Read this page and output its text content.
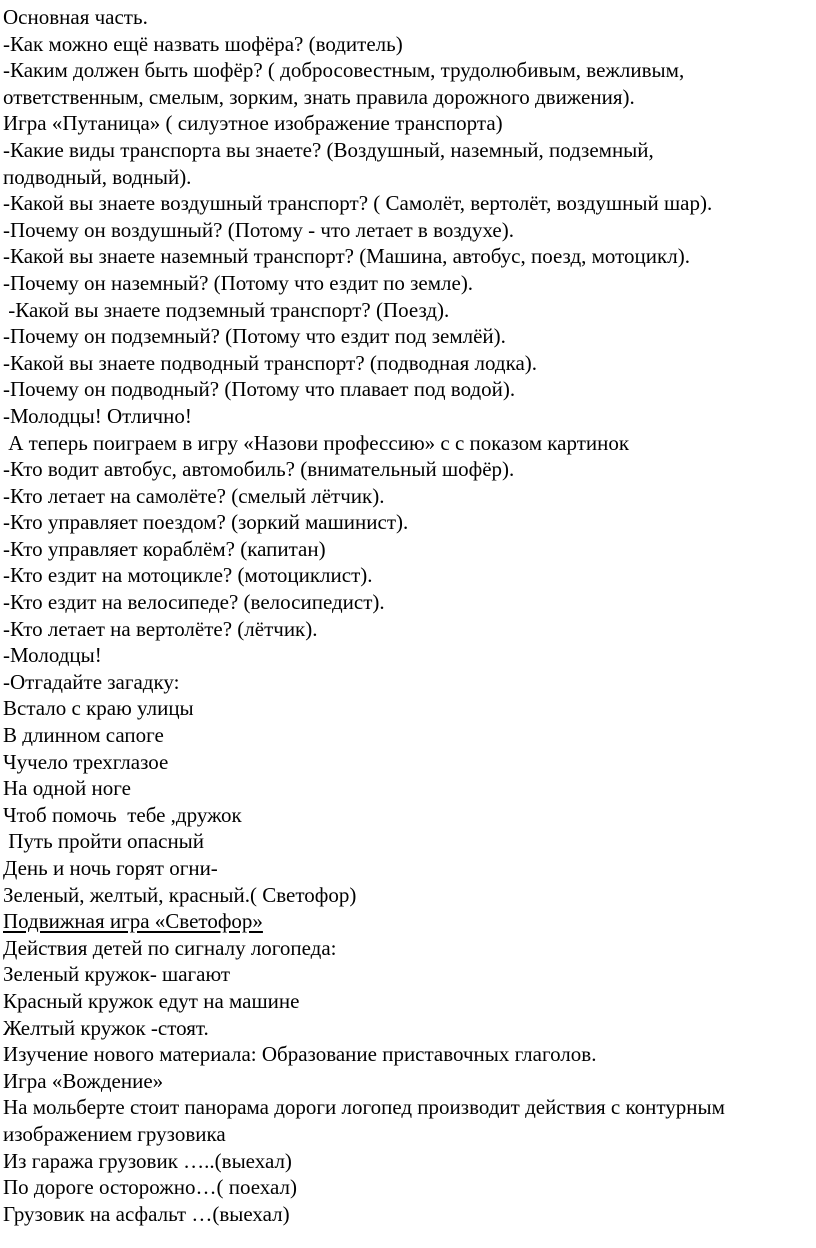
Основная часть.

-Как можно ещё назвать шофёра? (водитель)

-Каким должен быть шофёр? ( добросовестным, трудолюбивым, вежливым,

ответственным, смелым, зорким, знать правила дорожного движения).

Игра «Путаница» ( силуэтное изображение транспорта)

-Какие виды транспорта вы знаете? (Воздушный, наземный, подземный,

подводный, водный).

-Какой вы знаете воздушный транспорт? ( Самолёт, вертолёт, воздушный шар).

-Почему он воздушный? (Потому - что летает в воздухе).

-Какой вы знаете наземный транспорт? (Машина, автобус, поезд, мотоцикл).

-Почему он наземный? (Потому что ездит по земле).

-Какой вы знаете подземный транспорт? (Поезд).

-Почему он подземный? (Потому что ездит под землёй).

-Какой вы знаете подводный транспорт? (подводная лодка).

-Почему он подводный? (Потому что плавает под водой).

-Молодцы! Отлично!

А теперь поиграем в игру «Назови профессию» с с показом картинок

-Кто водит автобус, автомобиль? (внимательный шофёр).

-Кто летает на самолёте? (смелый лётчик).

-Кто управляет поездом? (зоркий машинист).

-Кто управляет кораблём? (капитан)

-Кто ездит на мотоцикле? (мотоциклист).

-Кто ездит на велосипеде? (велосипедист).

-Кто летает на вертолёте? (лётчик).

-Молодцы!

-Отгадайте загадку:

Встало с краю улицы

В длинном сапоге

Чучело трехглазое

На одной ноге

Чтоб помочь  тебе ,дружок

Путь пройти опасный

День и ночь горят огни-

Зеленый, желтый, красный.( Светофор)

Подвижная игра «Светофор»

Действия детей по сигналу логопеда:

Зеленый кружок- шагают

Красный кружок едут на машине

Желтый кружок -стоят.

Изучение нового материала: Образование приставочных глаголов.

Игра «Вождение»

На мольберте стоит панорама дороги логопед производит действия с контурным

изображением грузовика

Из гаража грузовик …..(выехал)

По дороге осторожно…( поехал)

Грузовик на асфальт …(выехал)
